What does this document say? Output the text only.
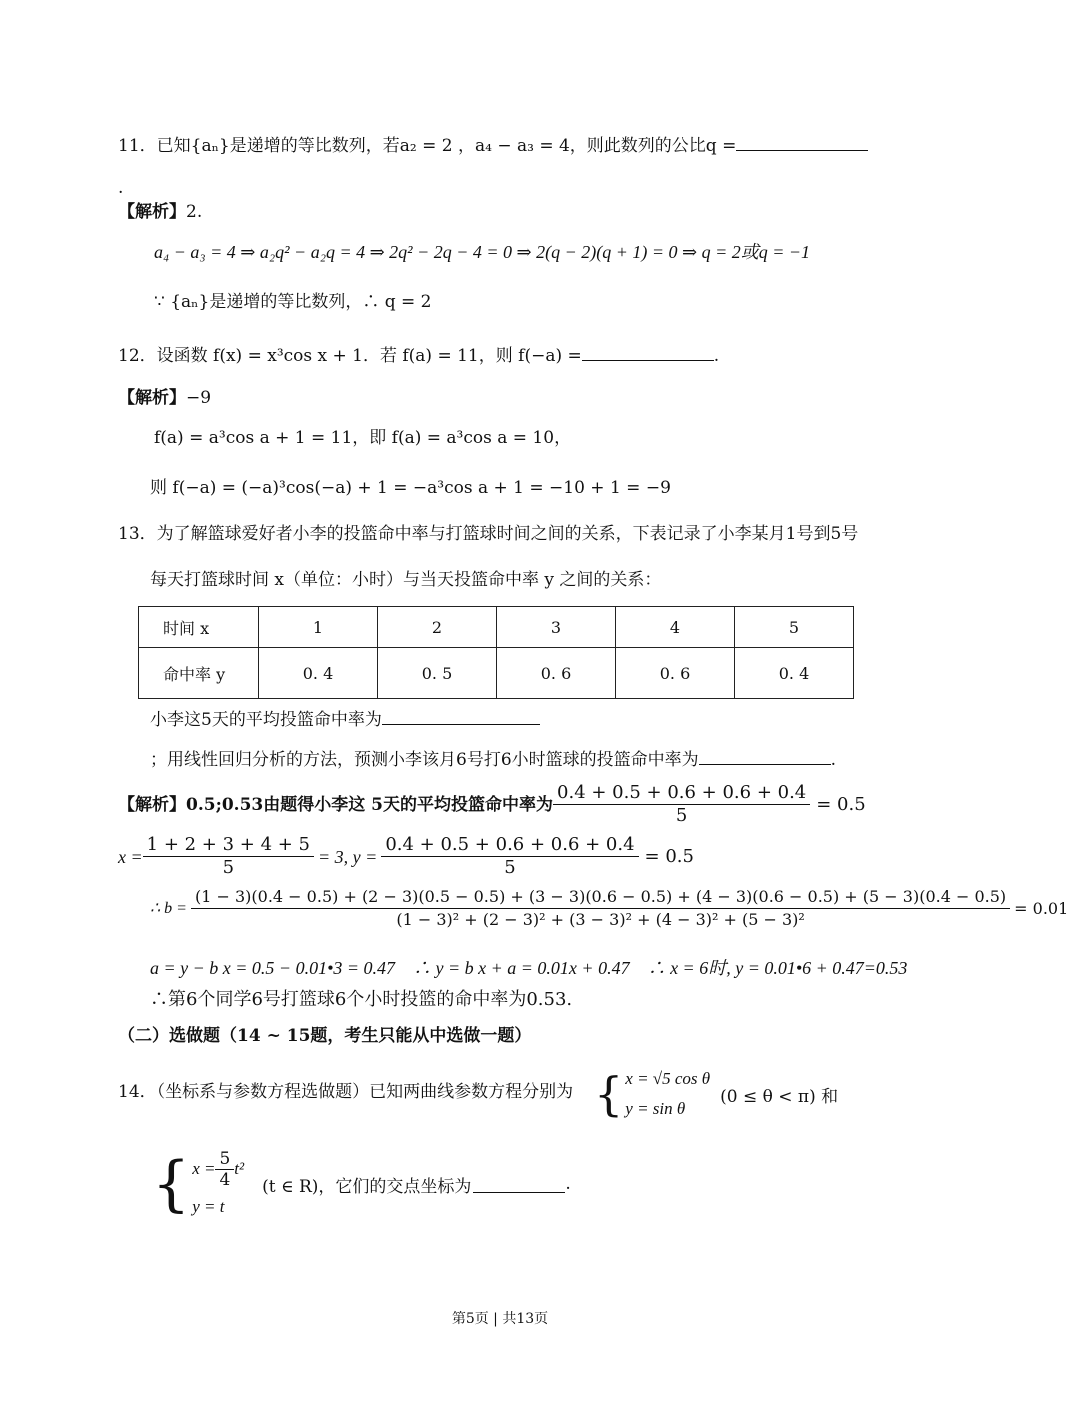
11．已知{aₙ}是递增的等比数列，若a₂ = 2 ，a₄ − a₃ = 4，则此数列的公比q =
.
【解析】2.
a₄ − a₃ = 4 ⇒ a₂q² − a₂q = 4 ⇒ 2q² − 2q − 4 = 0 ⇒ 2(q − 2)(q + 1) = 0 ⇒ q = 2或q = −1
∵ {aₙ}是递增的等比数列，∴ q = 2
12．设函数 f(x) = x³cos x + 1．若 f(a) = 11，则 f(−a) =	.
【解析】−9
f(a) = a³cos a + 1 = 11，即 f(a) = a³cos a = 10，
则 f(−a) = (−a)³cos(−a) + 1 = −a³cos a + 1 = −10 + 1 = −9
13．为了解篮球爱好者小李的投篮命中率与打篮球时间之间的关系，下表记录了小李某月1号到5号
每天打篮球时间 x（单位：小时）与当天投篮命中率 y 之间的关系：
时间 x	1	2	3	4	5
命中率 y	0. 4	0. 5	0. 6	0. 6	0. 4
小李这5天的平均投篮命中率为
；用线性回归分析的方法，预测小李该月6号打6小时篮球的投篮命中率为	.
【解析】 0.5;0.53由题得小李这 5天的平均投篮命中率为 $\frac{0.4 + 0.5 + 0.6 + 0.6 + 0.4}{5} = 0.5$
$x = \frac{1 + 2 + 3 + 4 + 5}{5} = 3$, $y = \frac{0.4 + 0.5 + 0.6 + 0.6 + 0.4}{5} = 0.5$
∴ b =
(1 − 3)(0.4 − 0.5) + (2 − 3)(0.5 − 0.5) + (3 − 3)(0.6 − 0.5) + (4 − 3)(0.6 − 0.5) + (5 − 3)(0.4 − 0.5)
(1 − 3)² + (2 − 3)² + (3 − 3)² + (4 − 3)² + (5 − 3)²
= 0.01
a = y − b x = 0.5 − 0.01•3 = 0.47　∴ y = b x + a = 0.01x + 0.47　∴ x = 6时, y = 0.01•6 + 0.47=0.53
∴第6个同学6号打篮球6个小时投篮的命中率为0.53.
（二）选做题（14 ~ 15题，考生只能从中选做一题）
14．（坐标系与参数方程选做题）已知两曲线参数方程分别为 { x = √5 cos θ
y = sin θ
(0 ≤ θ < π) 和
{ $x = \frac{5}{4} t^2$
y = t
(t ∈ R)，它们的交点坐标为	.
第5页 | 共13页
